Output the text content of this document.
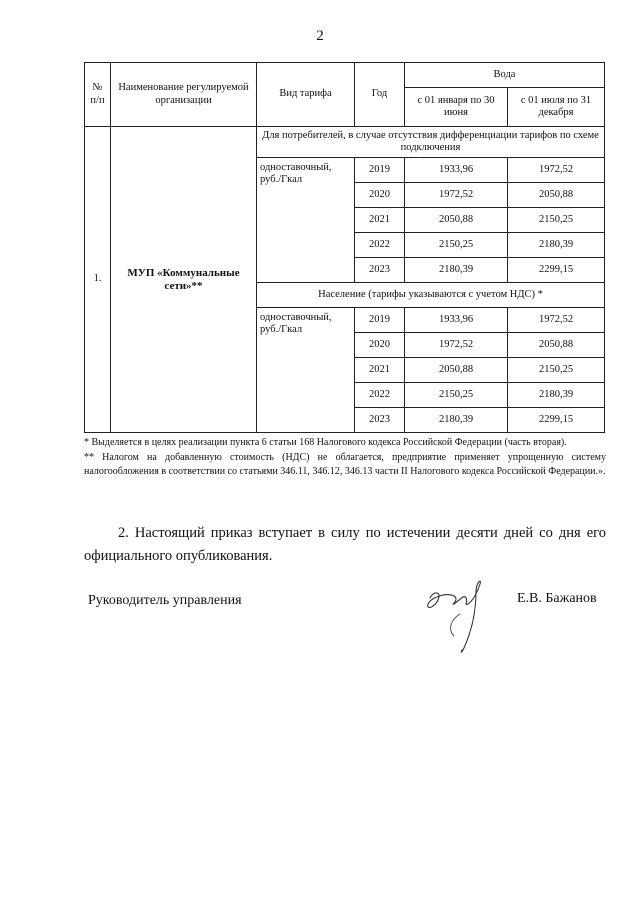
2
№ п/п	Наименование регулируемой организации	Вид тарифа	Год	Вода	
				с 01 января по 30 июня	с 01 июля по 31 декабря
1.	МУП «Коммунальные сети»**	Для потребителей, в случае отсутствия дифференциации тарифов по схеме подключения			
		одноставочный, руб./Гкал	2019	1933,96	1972,52
			2020	1972,52	2050,88
			2021	2050,88	2150,25
			2022	2150,25	2180,39
			2023	2180,39	2299,15
		Население (тарифы указываются с учетом НДС) *			
		одноставочный, руб./Гкал	2019	1933,96	1972,52
			2020	1972,52	2050,88
			2021	2050,88	2150,25
			2022	2150,25	2180,39
			2023	2180,39	2299,15

* Выделяется в целях реализации пункта 6 статьи 168 Налогового кодекса Российской Федерации (часть вторая).

** Налогом на добавленную стоимость (НДС) не облагается, предприятие применяет упрощенную систему налогообложения в соответствии со статьями 346.11, 346.12, 346.13 части II Налогового кодекса Российской Федерации.».

2. Настоящий приказ вступает в силу по истечении десяти дней со дня его официального опубликования.

Руководитель управления	Е.В. Бажанов
